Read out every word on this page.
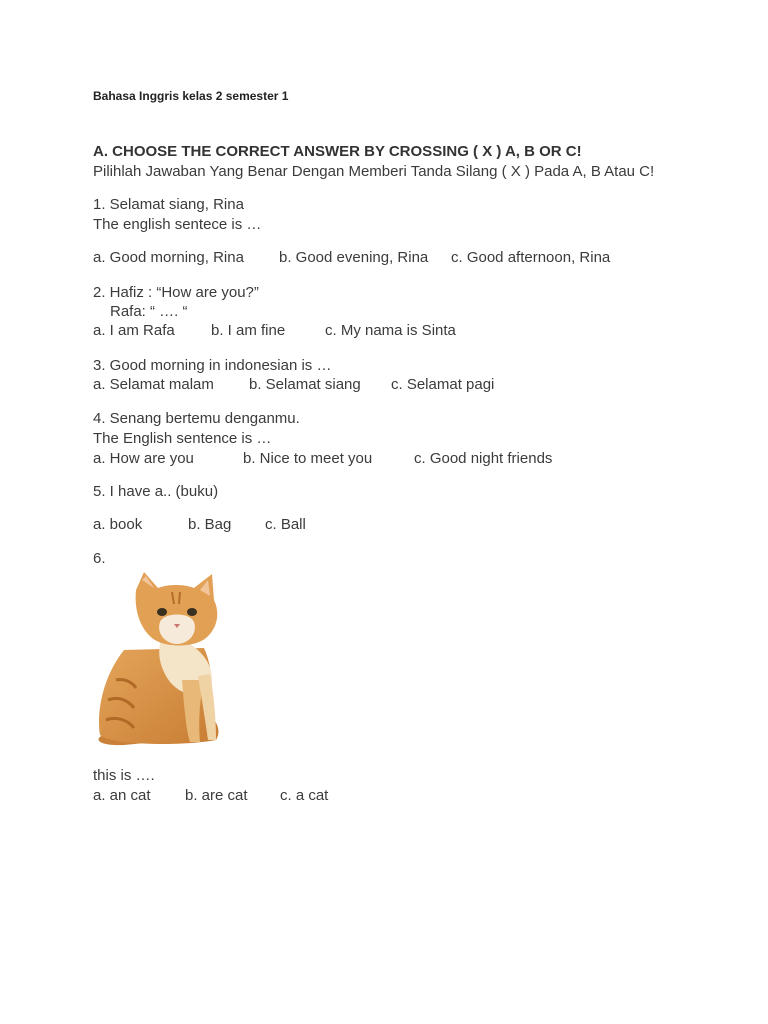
Bahasa Inggris kelas 2 semester 1
A. CHOOSE THE CORRECT ANSWER BY CROSSING ( X ) A, B OR C!
Pilihlah Jawaban Yang Benar Dengan Memberi Tanda Silang ( X ) Pada A, B Atau C!
1. Selamat siang, Rina
The english sentece is …
a. Good morning, Rina b. Good evening, Rina c. Good afternoon, Rina
2. Hafiz : “How are you?”
Rafa: “ …. “
a. I am Rafa b. I am fine	c. My nama is Sinta
3. Good morning in indonesian is …
a. Selamat malam b. Selamat siang c. Selamat pagi
4. Senang bertemu denganmu.
The English sentence is …
a. How are you	b. Nice to meet you	c. Good night friends
5. I have a.. (buku)
a. book	b. Bag c. Ball
6.
this is ….
a. an cat b. are cat c. a cat
